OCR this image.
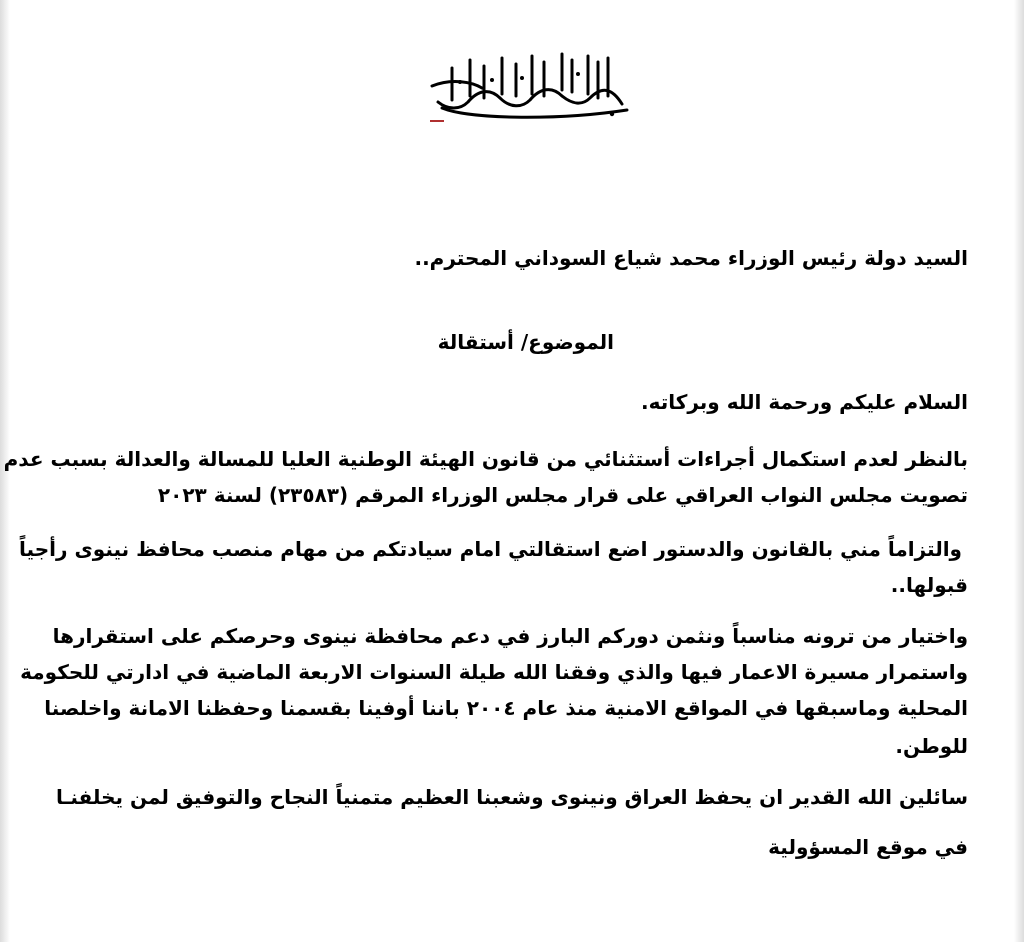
السيد دولة رئيس الوزراء محمد شياع السوداني المحترم..
الموضوع/ أستقالة
السلام عليكم ورحمة الله وبركاته.
بالنظر لعدم استكمال أجراءات أستثنائي من قانون الهيئة الوطنية العليا للمسالة والعدالة بسبب عدم
تصويت مجلس النواب العراقي على قرار مجلس الوزراء المرقم (٢٣٥٨٣) لسنة ٢٠٢٣
والتزاماً مني بالقانون والدستور اضع استقالتي امام سيادتكم من مهام منصب محافظ نينوى رأجياً
قبولها..
واختيار من ترونه مناسباً ونثمن دوركم البارز في دعم محافظة نينوى وحرصكم على استقرارها
واستمرار مسيرة الاعمار فيها والذي وفقنا الله طيلة السنوات الاربعة الماضية في ادارتي للحكومة
المحلية وماسبقها في المواقع الامنية منذ عام ٢٠٠٤ باننا أوفينا بقسمنا وحفظنا الامانة واخلصنا
للوطن.
سائلين الله القدير ان يحفظ العراق ونينوى وشعبنا العظيم متمنياً النجاح والتوفيق لمن يخلفنـا
في موقع المسؤولية
